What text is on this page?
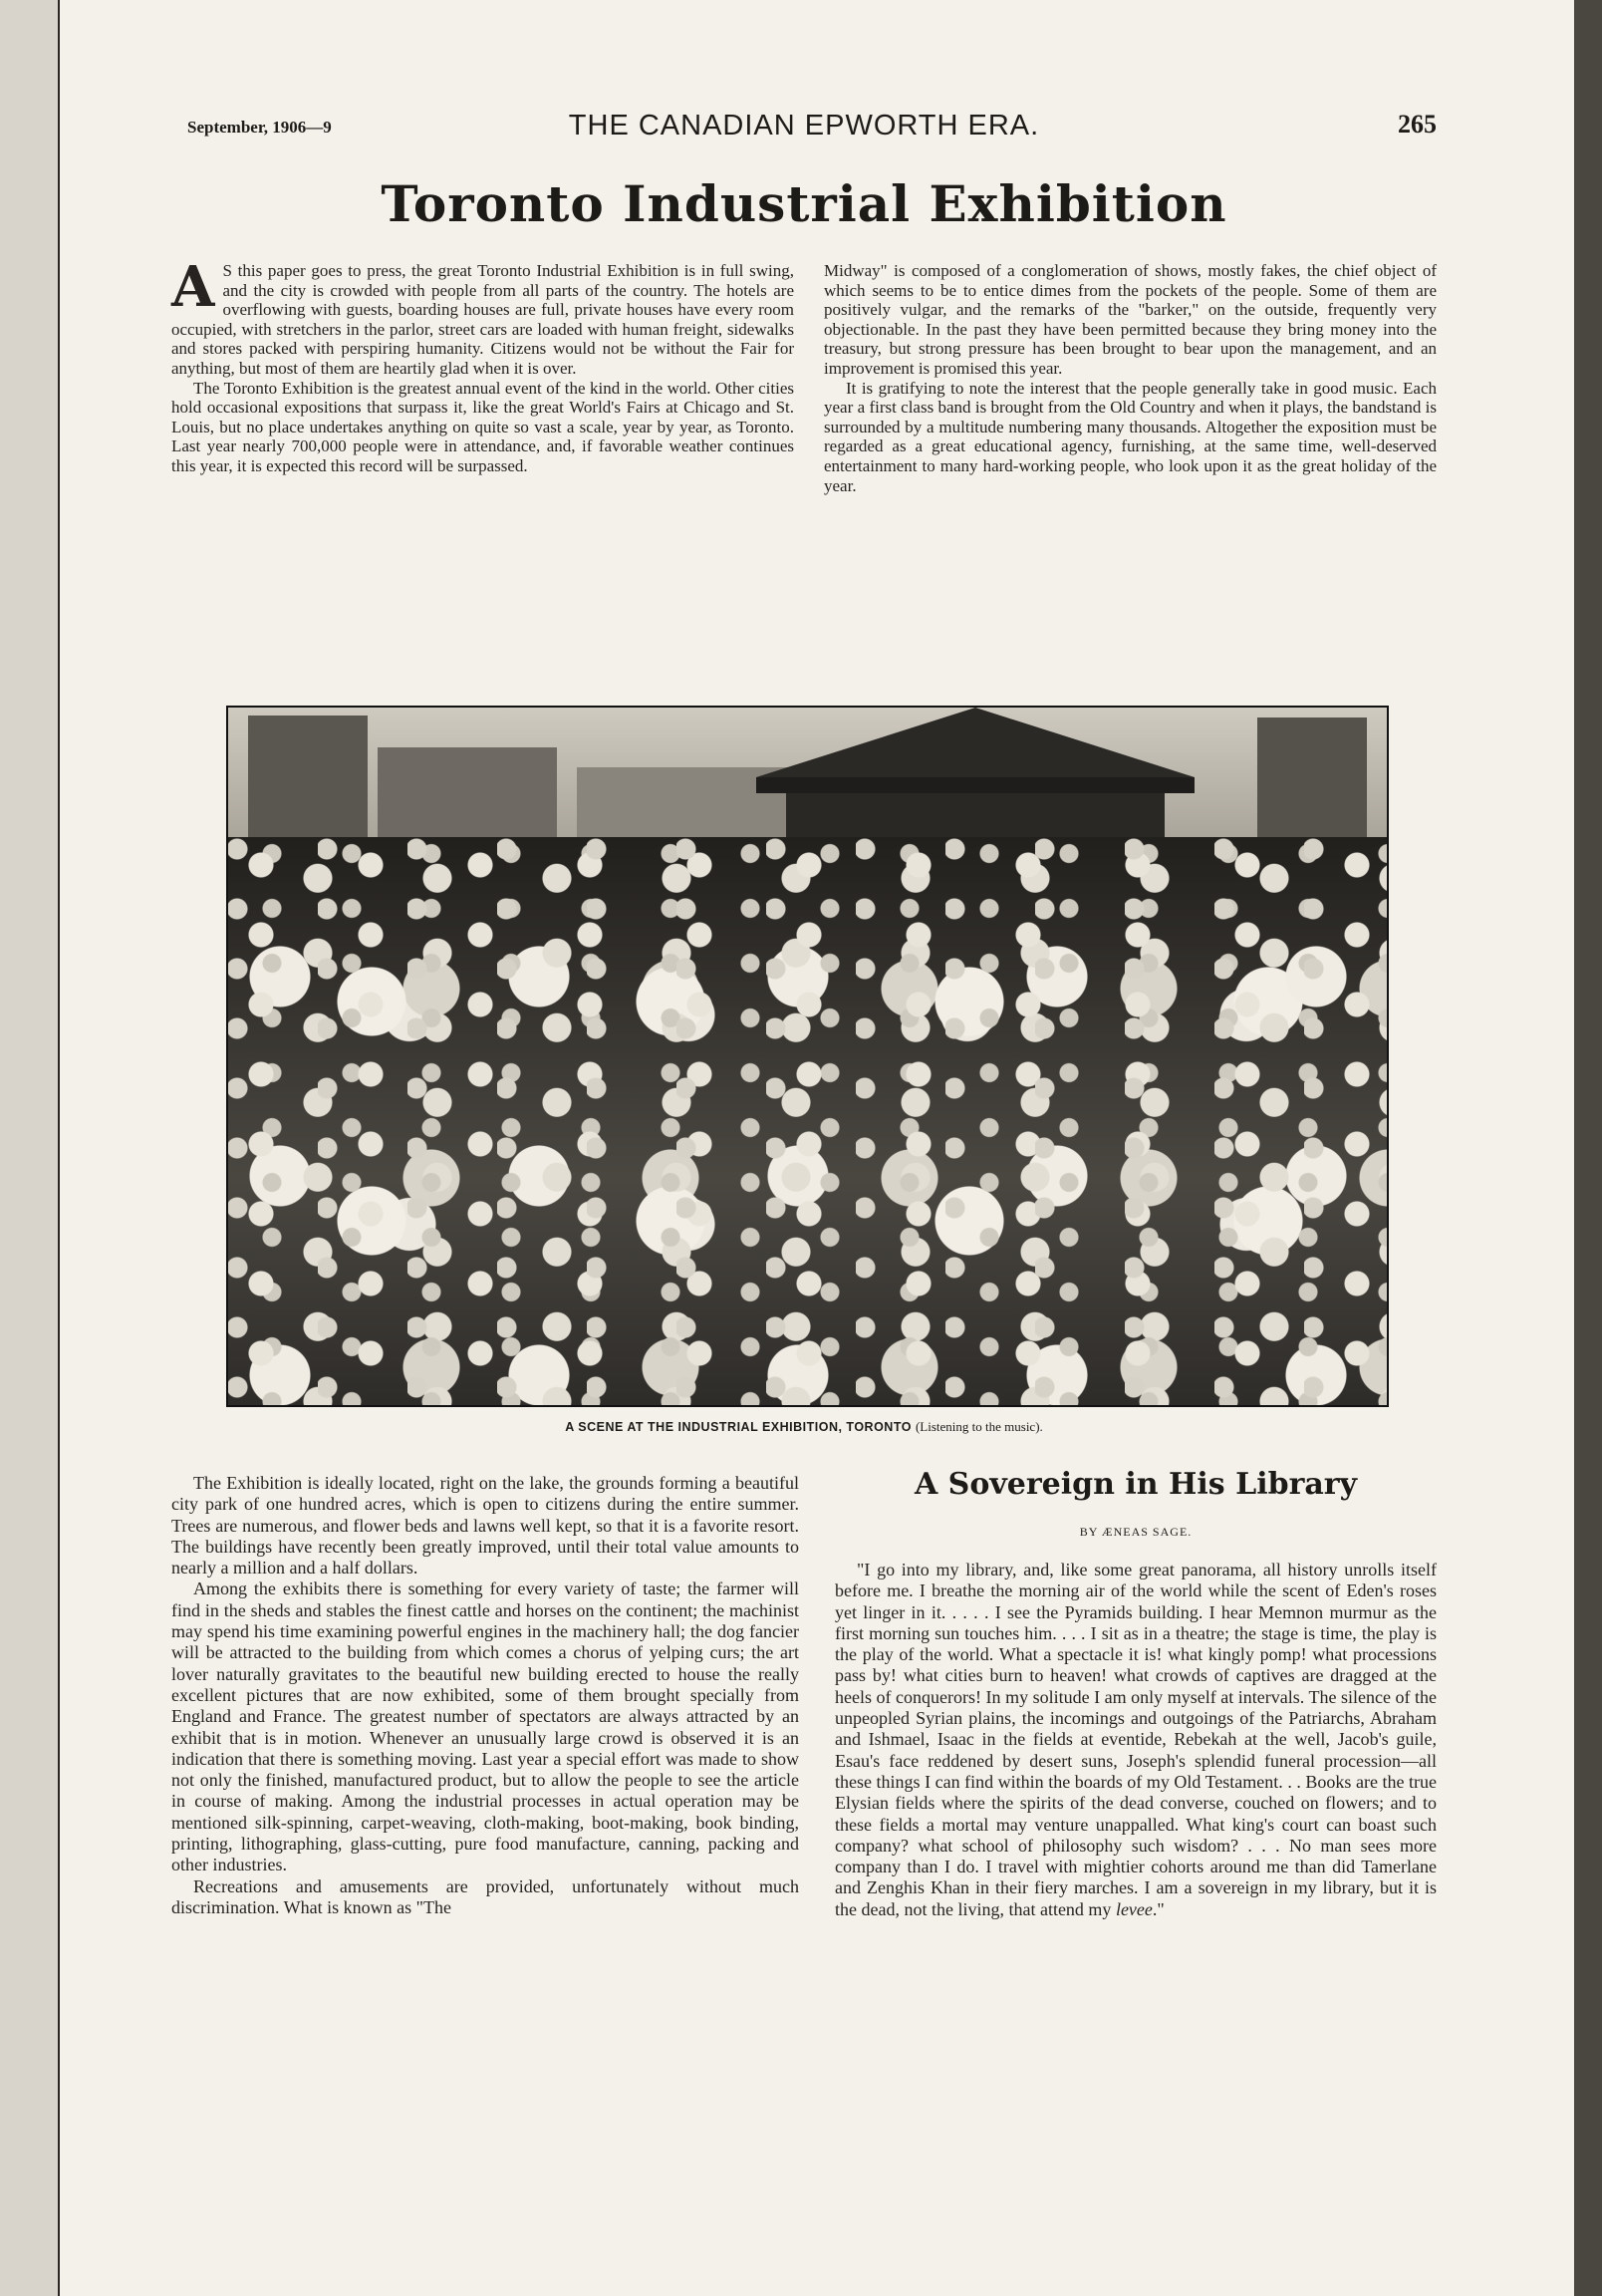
September, 1906—9	THE CANADIAN EPWORTH ERA.	265
Toronto Industrial Exhibition

A S this paper goes to press, the great Toronto Industrial Exhibition is in full swing, and the city is crowded with people from all parts of the country. The hotels are overflowing with guests, boarding houses are full, private houses have every room occupied, with stretchers in the parlor, street cars are loaded with human freight, sidewalks and stores packed with perspiring humanity. Citizens would not be without the Fair for anything, but most of them are heartily glad when it is over.

The Toronto Exhibition is the greatest annual event of the kind in the world. Other cities hold occasional expositions that surpass it, like the great World's Fairs at Chicago and St. Louis, but no place undertakes anything on quite so vast a scale, year by year, as Toronto. Last year nearly 700,000 people were in attendance, and, if favorable weather continues this year, it is expected this record will be surpassed.

Midway" is composed of a conglomeration of shows, mostly fakes, the chief object of which seems to be to entice dimes from the pockets of the people. Some of them are positively vulgar, and the remarks of the "barker," on the outside, frequently very objectionable. In the past they have been permitted because they bring money into the treasury, but strong pressure has been brought to bear upon the management, and an improvement is promised this year.

It is gratifying to note the interest that the people generally take in good music. Each year a first class band is brought from the Old Country and when it plays, the bandstand is surrounded by a multitude numbering many thousands. Altogether the exposition must be regarded as a great educational agency, furnishing, at the same time, well-deserved entertainment to many hard-working people, who look upon it as the great holiday of the year.

A SCENE AT THE INDUSTRIAL EXHIBITION, TORONTO (Listening to the music).

The Exhibition is ideally located, right on the lake, the grounds forming a beautiful city park of one hundred acres, which is open to citizens during the entire summer. Trees are numerous, and flower beds and lawns well kept, so that it is a favorite resort. The buildings have recently been greatly improved, until their total value amounts to nearly a million and a half dollars.

Among the exhibits there is something for every variety of taste; the farmer will find in the sheds and stables the finest cattle and horses on the continent; the machinist may spend his time examining powerful engines in the machinery hall; the dog fancier will be attracted to the building from which comes a chorus of yelping curs; the art lover naturally gravitates to the beautiful new building erected to house the really excellent pictures that are now exhibited, some of them brought specially from England and France. The greatest number of spectators are always attracted by an exhibit that is in motion. Whenever an unusually large crowd is observed it is an indication that there is something moving. Last year a special effort was made to show not only the finished, manufactured product, but to allow the people to see the article in course of making. Among the industrial processes in actual operation may be mentioned silk-spinning, carpet-weaving, cloth-making, boot-making, book binding, printing, lithographing, glass-cutting, pure food manufacture, canning, packing and other industries.

Recreations and amusements are provided, unfortunately without much discrimination. What is known as "The

A Sovereign in His Library
BY ÆNEAS SAGE.

"I go into my library, and, like some great panorama, all history unrolls itself before me. I breathe the morning air of the world while the scent of Eden's roses yet linger in it. . . . . I see the Pyramids building. I hear Memnon murmur as the first morning sun touches him. . . . I sit as in a theatre; the stage is time, the play is the play of the world. What a spectacle it is! what kingly pomp! what processions pass by! what cities burn to heaven! what crowds of captives are dragged at the heels of conquerors! In my solitude I am only myself at intervals. The silence of the unpeopled Syrian plains, the incomings and outgoings of the Patriarchs, Abraham and Ishmael, Isaac in the fields at eventide, Rebekah at the well, Jacob's guile, Esau's face reddened by desert suns, Joseph's splendid funeral procession—all these things I can find within the boards of my Old Testament. . . Books are the true Elysian fields where the spirits of the dead converse, couched on flowers; and to these fields a mortal may venture unappalled. What king's court can boast such company? what school of philosophy such wisdom? . . . No man sees more company than I do. I travel with mightier cohorts around me than did Tamerlane and Zenghis Khan in their fiery marches. I am a sovereign in my library, but it is the dead, not the living, that attend my levee."
